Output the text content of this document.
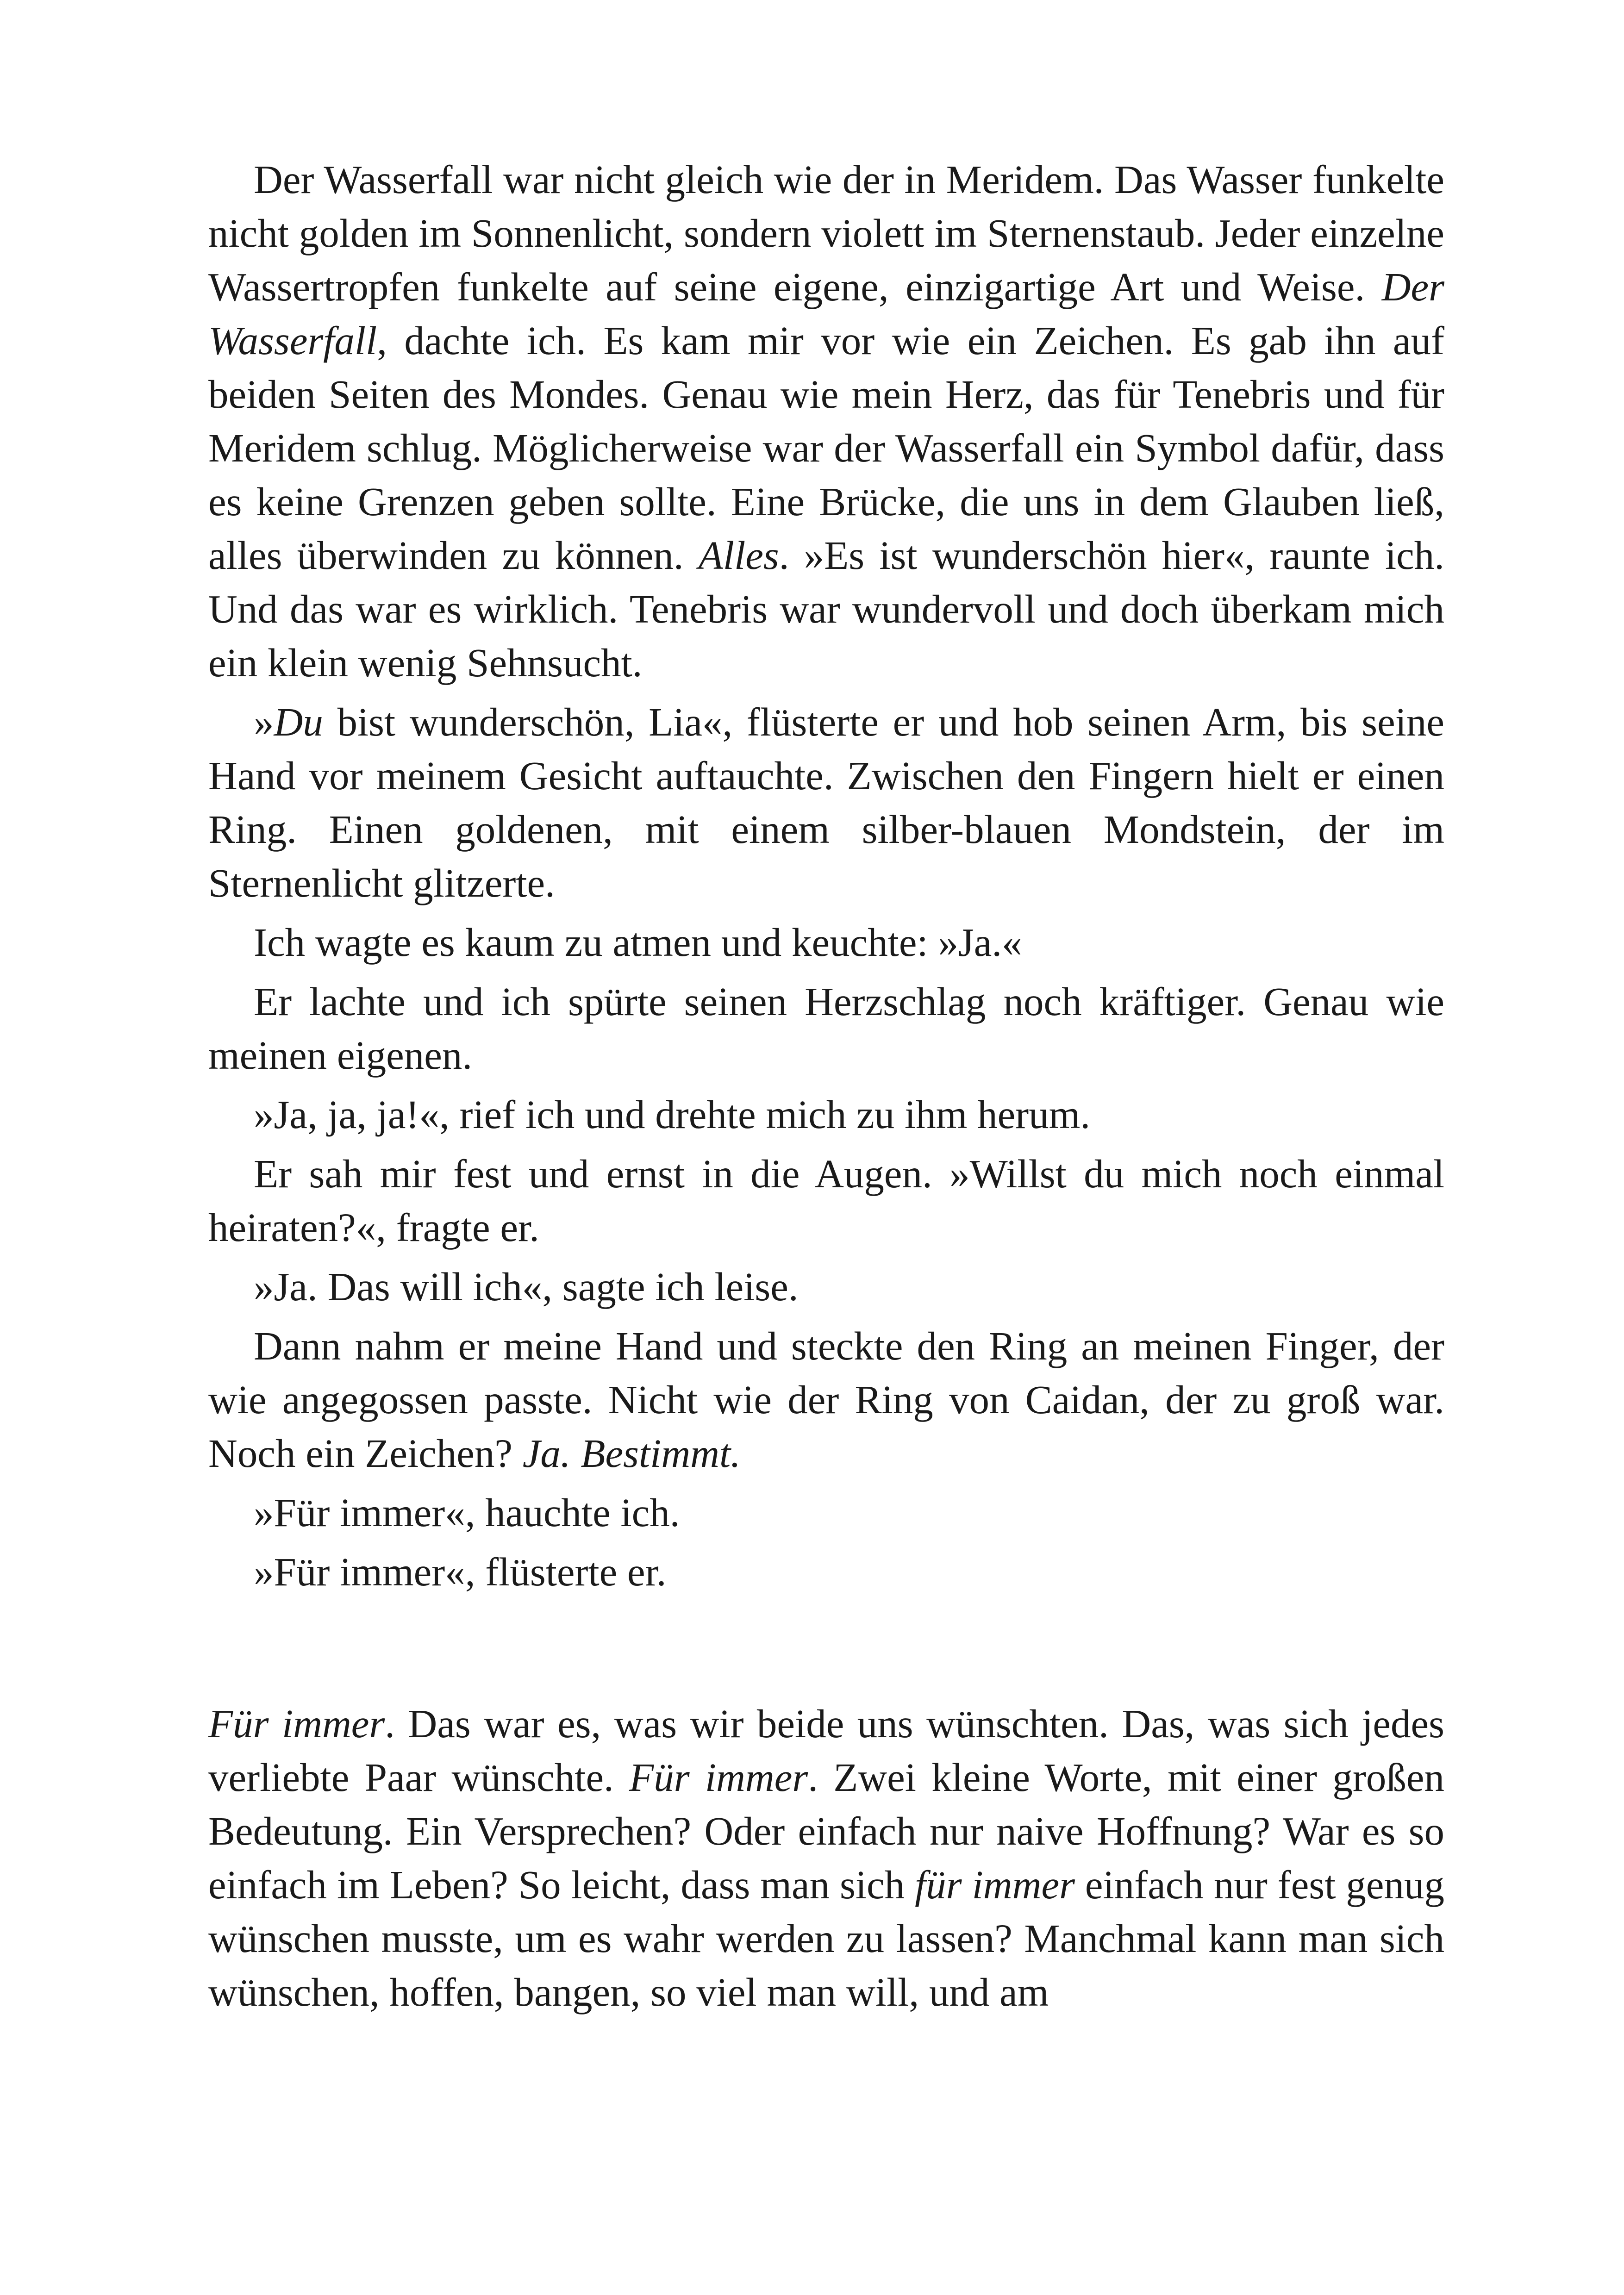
Der Wasserfall war nicht gleich wie der in Meridem. Das Wasser funkelte nicht golden im Sonnenlicht, sondern violett im Sternenstaub. Jeder einzelne Wassertropfen funkelte auf seine eigene, einzigartige Art und Weise. Der Wasserfall, dachte ich. Es kam mir vor wie ein Zeichen. Es gab ihn auf beiden Seiten des Mondes. Genau wie mein Herz, das für Tenebris und für Meridem schlug. Möglicherweise war der Wasserfall ein Symbol dafür, dass es keine Grenzen geben sollte. Eine Brücke, die uns in dem Glauben ließ, alles überwinden zu können. Alles. »Es ist wunderschön hier«, raunte ich. Und das war es wirklich. Tenebris war wundervoll und doch überkam mich ein klein wenig Sehnsucht.

»Du bist wunderschön, Lia«, flüsterte er und hob seinen Arm, bis seine Hand vor meinem Gesicht auftauchte. Zwischen den Fingern hielt er einen Ring. Einen goldenen, mit einem silber-blauen Mondstein, der im Sternenlicht glitzerte.

Ich wagte es kaum zu atmen und keuchte: »Ja.«

Er lachte und ich spürte seinen Herzschlag noch kräftiger. Genau wie meinen eigenen.

»Ja, ja, ja!«, rief ich und drehte mich zu ihm herum.

Er sah mir fest und ernst in die Augen. »Willst du mich noch einmal heiraten?«, fragte er.

»Ja. Das will ich«, sagte ich leise.

Dann nahm er meine Hand und steckte den Ring an meinen Finger, der wie angegossen passte. Nicht wie der Ring von Caidan, der zu groß war. Noch ein Zeichen? Ja. Bestimmt.

»Für immer«, hauchte ich.

»Für immer«, flüsterte er.

Für immer. Das war es, was wir beide uns wünschten. Das, was sich jedes verliebte Paar wünschte. Für immer. Zwei kleine Worte, mit einer großen Bedeutung. Ein Versprechen? Oder einfach nur naive Hoffnung? War es so einfach im Leben? So leicht, dass man sich für immer einfach nur fest genug wünschen musste, um es wahr werden zu lassen? Manchmal kann man sich wünschen, hoffen, bangen, so viel man will, und am
